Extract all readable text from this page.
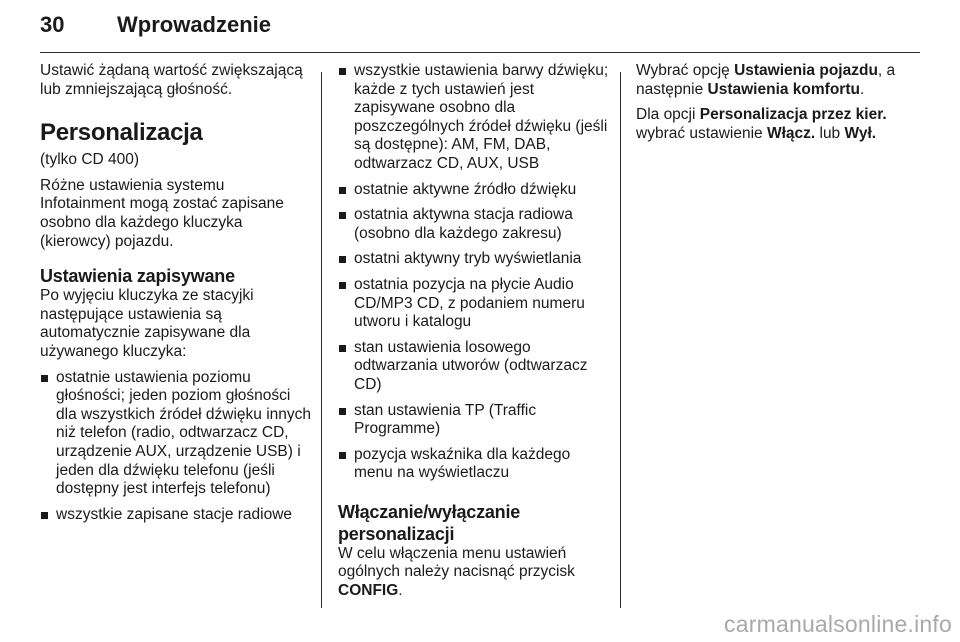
30 Wprowadzenie

Ustawić żądaną wartość zwiększającą lub zmniejszającą głośność.

Personalizacja

(tylko CD 400)

Różne ustawienia systemu Infotainment mogą zostać zapisane osobno dla każdego kluczyka (kierowcy) pojazdu.

Ustawienia zapisywane

Po wyjęciu kluczyka ze stacyjki następujące ustawienia są automatycznie zapisywane dla używanego kluczyka:

ostatnie ustawienia poziomu głośności; jeden poziom głośności dla wszystkich źródeł dźwięku innych niż telefon (radio, odtwarzacz CD, urządzenie AUX, urządzenie USB) i jeden dla dźwięku telefonu (jeśli dostępny jest interfejs telefonu)
wszystkie zapisane stacje radiowe
wszystkie ustawienia barwy dźwięku; każde z tych ustawień jest zapisywane osobno dla poszczególnych źródeł dźwięku (jeśli są dostępne): AM, FM, DAB, odtwarzacz CD, AUX, USB
ostatnie aktywne źródło dźwięku
ostatnia aktywna stacja radiowa (osobno dla każdego zakresu)
ostatni aktywny tryb wyświetlania
ostatnia pozycja na płycie Audio CD/MP3 CD, z podaniem numeru utworu i katalogu
stan ustawienia losowego odtwarzania utworów (odtwarzacz CD)
stan ustawienia TP (Traffic Programme)
pozycja wskaźnika dla każdego menu na wyświetlaczu
Włączanie/wyłączanie personalizacji

W celu włączenia menu ustawień ogólnych należy nacisnąć przycisk CONFIG.

Wybrać opcję Ustawienia pojazdu, a następnie Ustawienia komfortu.

Dla opcji Personalizacja przez kier. wybrać ustawienie Włącz. lub Wył.

carmanualsonline.info
